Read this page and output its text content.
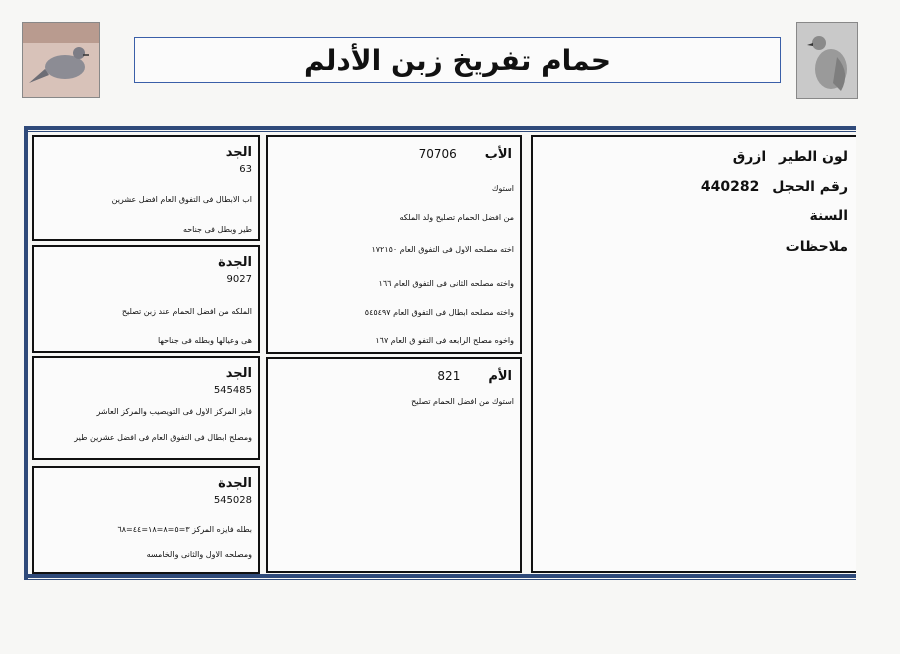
حمام تفريخ زبن الأدلم
لون الطير ازرق
رقم الحجل 440282
السنة
ملاحظات
الأب
70706
استوك
من افضل الحمام تصليح ولد الملكه
اخته مصلحه الاول فى التفوق العام ١٧٢١٥٠
واخته مصلحه الثانى فى التفوق العام ١٦٦
واخته مصلحه ابطال فى التفوق العام ٥٤٥٤٩٧
واخوه مصلح الرابعه فى التفو ق العام ١٦٧
الأم
821
استوك من افضل الحمام تصليح
الجد
63
اب الابطال فى التفوق العام افضل عشرين
طير وبطل فى جناحه
الجدة
9027
الملكه من افضل الحمام عند زبن تصليح
هى وعيالها وبطله فى جناحها
الجد
545485
فايز المركز الاول فى التويصيب والمركز العاشر
ومصلح ابطال فى التفوق العام فى افضل عشرين طير
الجدة
545028
بطله فايزه المركز ٣=٥=٨=١٨=٤٤=٦٨
ومصلحه الاول والثانى والخامسه
